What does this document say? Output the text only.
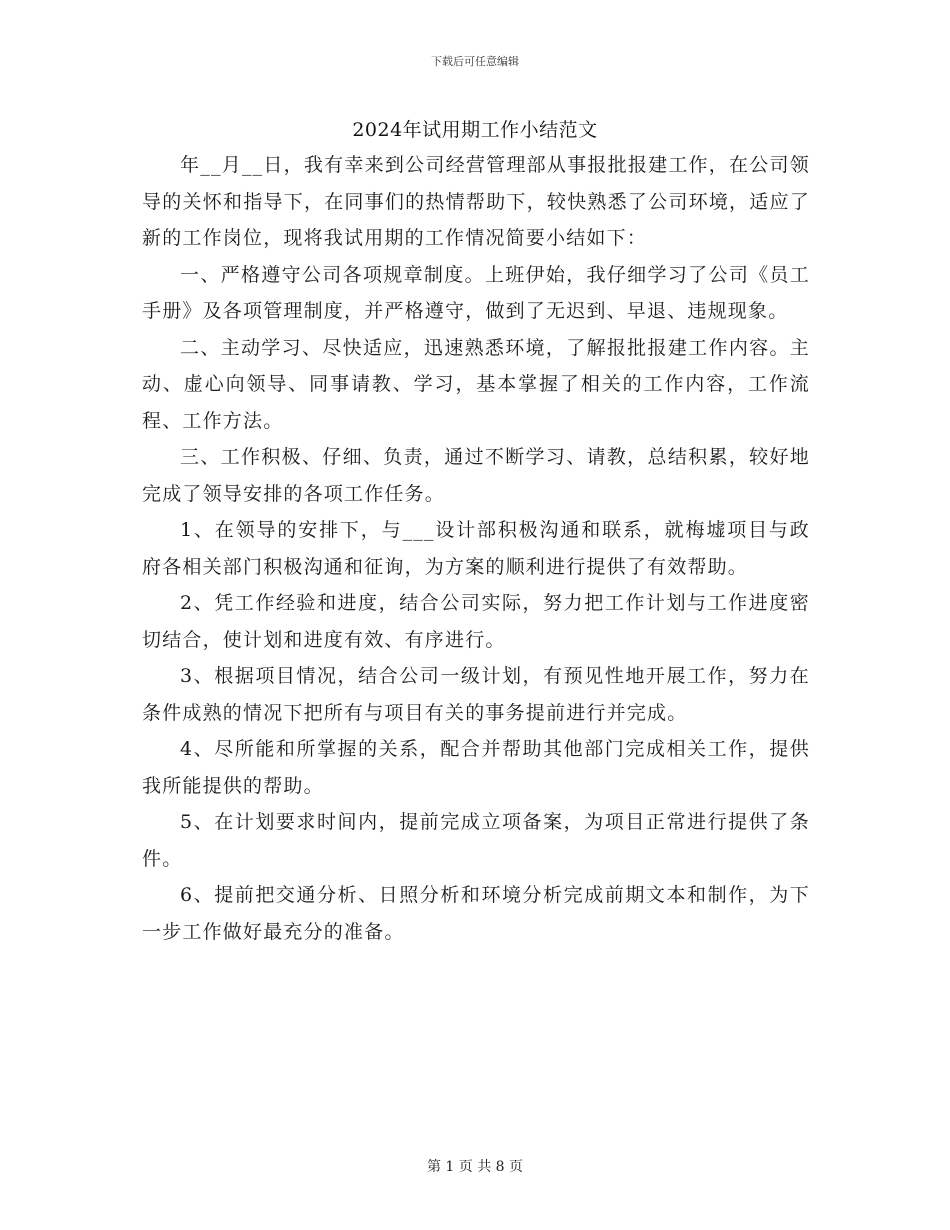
下载后可任意编辑
2024年试用期工作小结范文

年__月__日，我有幸来到公司经营管理部从事报批报建工作，在公司领导的关怀和指导下，在同事们的热情帮助下，较快熟悉了公司环境，适应了新的工作岗位，现将我试用期的工作情况简要小结如下：

一、严格遵守公司各项规章制度。上班伊始，我仔细学习了公司《员工手册》及各项管理制度，并严格遵守，做到了无迟到、早退、违规现象。

二、主动学习、尽快适应，迅速熟悉环境，了解报批报建工作内容。主动、虚心向领导、同事请教、学习，基本掌握了相关的工作内容，工作流程、工作方法。

三、工作积极、仔细、负责，通过不断学习、请教，总结积累，较好地完成了领导安排的各项工作任务。

1、在领导的安排下，与___设计部积极沟通和联系，就梅墟项目与政府各相关部门积极沟通和征询，为方案的顺利进行提供了有效帮助。

2、凭工作经验和进度，结合公司实际，努力把工作计划与工作进度密切结合，使计划和进度有效、有序进行。

3、根据项目情况，结合公司一级计划，有预见性地开展工作，努力在条件成熟的情况下把所有与项目有关的事务提前进行并完成。

4、尽所能和所掌握的关系，配合并帮助其他部门完成相关工作，提供我所能提供的帮助。

5、在计划要求时间内，提前完成立项备案，为项目正常进行提供了条件。

6、提前把交通分析、日照分析和环境分析完成前期文本和制作，为下一步工作做好最充分的准备。

第 1 页 共 8 页
